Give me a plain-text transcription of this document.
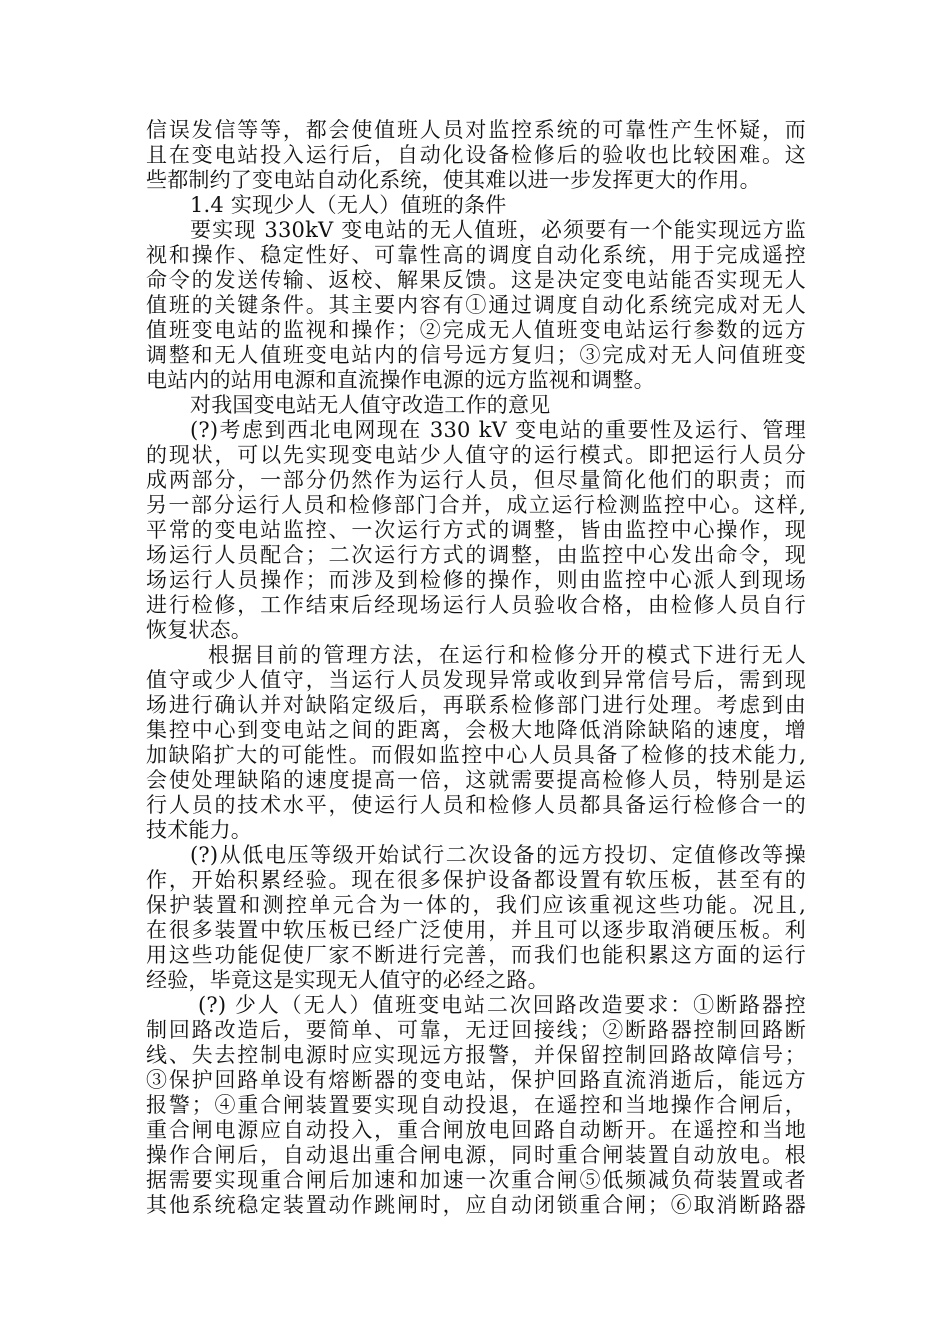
信误发信等等，都会使值班人员对监控系统的可靠性产生怀疑，而
且在变电站投入运行后，自动化设备检修后的验收也比较困难。这
些都制约了变电站自动化系统，使其难以进一步发挥更大的作用。
1.4 实现少人（无人）值班的条件
要实现 330kV 变电站的无人值班，必须要有一个能实现远方监
视和操作、稳定性好、可靠性高的调度自动化系统，用于完成遥控
命令的发送传输、返校、解果反馈。这是决定变电站能否实现无人
值班的关键条件。其主要内容有①通过调度自动化系统完成对无人
值班变电站的监视和操作；②完成无人值班变电站运行参数的远方
调整和无人值班变电站内的信号远方复归；③完成对无人问值班变
电站内的站用电源和直流操作电源的远方监视和调整。
对我国变电站无人值守改造工作的意见
(?)考虑到西北电网现在 330 kV 变电站的重要性及运行、管理
的现状，可以先实现变电站少人值守的运行模式。即把运行人员分
成两部分，一部分仍然作为运行人员，但尽量简化他们的职责；而
另一部分运行人员和检修部门合并，成立运行检测监控中心。这样,
平常的变电站监控、一次运行方式的调整，皆由监控中心操作，现
场运行人员配合；二次运行方式的调整，由监控中心发出命令，现
场运行人员操作；而涉及到检修的操作，则由监控中心派人到现场
进行检修，工作结束后经现场运行人员验收合格，由检修人员自行
恢复状态。
根据目前的管理方法，在运行和检修分开的模式下进行无人
值守或少人值守，当运行人员发现异常或收到异常信号后，需到现
场进行确认并对缺陷定级后，再联系检修部门进行处理。考虑到由
集控中心到变电站之间的距离，会极大地降低消除缺陷的速度，增
加缺陷扩大的可能性。而假如监控中心人员具备了检修的技术能力,
会使处理缺陷的速度提高一倍，这就需要提高检修人员，特别是运
行人员的技术水平，使运行人员和检修人员都具备运行检修合一的
技术能力。
(?)从低电压等级开始试行二次设备的远方投切、定值修改等操
作，开始积累经验。现在很多保护设备都设置有软压板，甚至有的
保护装置和测控单元合为一体的，我们应该重视这些功能。况且,
在很多装置中软压板已经广泛使用，并且可以逐步取消硬压板。利
用这些功能促使厂家不断进行完善，而我们也能积累这方面的运行
经验，毕竟这是实现无人值守的必经之路。
(?) 少人（无人）值班变电站二次回路改造要求：①断路器控
制回路改造后，要简单、可靠，无迂回接线；②断路器控制回路断
线、失去控制电源时应实现远方报警，并保留控制回路故障信号；
③保护回路单设有熔断器的变电站，保护回路直流消逝后，能远方
报警；④重合闸装置要实现自动投退，在遥控和当地操作合闸后，
重合闸电源应自动投入，重合闸放电回路自动断开。在遥控和当地
操作合闸后，自动退出重合闸电源，同时重合闸装置自动放电。根
据需要实现重合闸后加速和加速一次重合闸⑤低频减负荷装置或者
其他系统稳定装置动作跳闸时，应自动闭锁重合闸；⑥取消断路器
